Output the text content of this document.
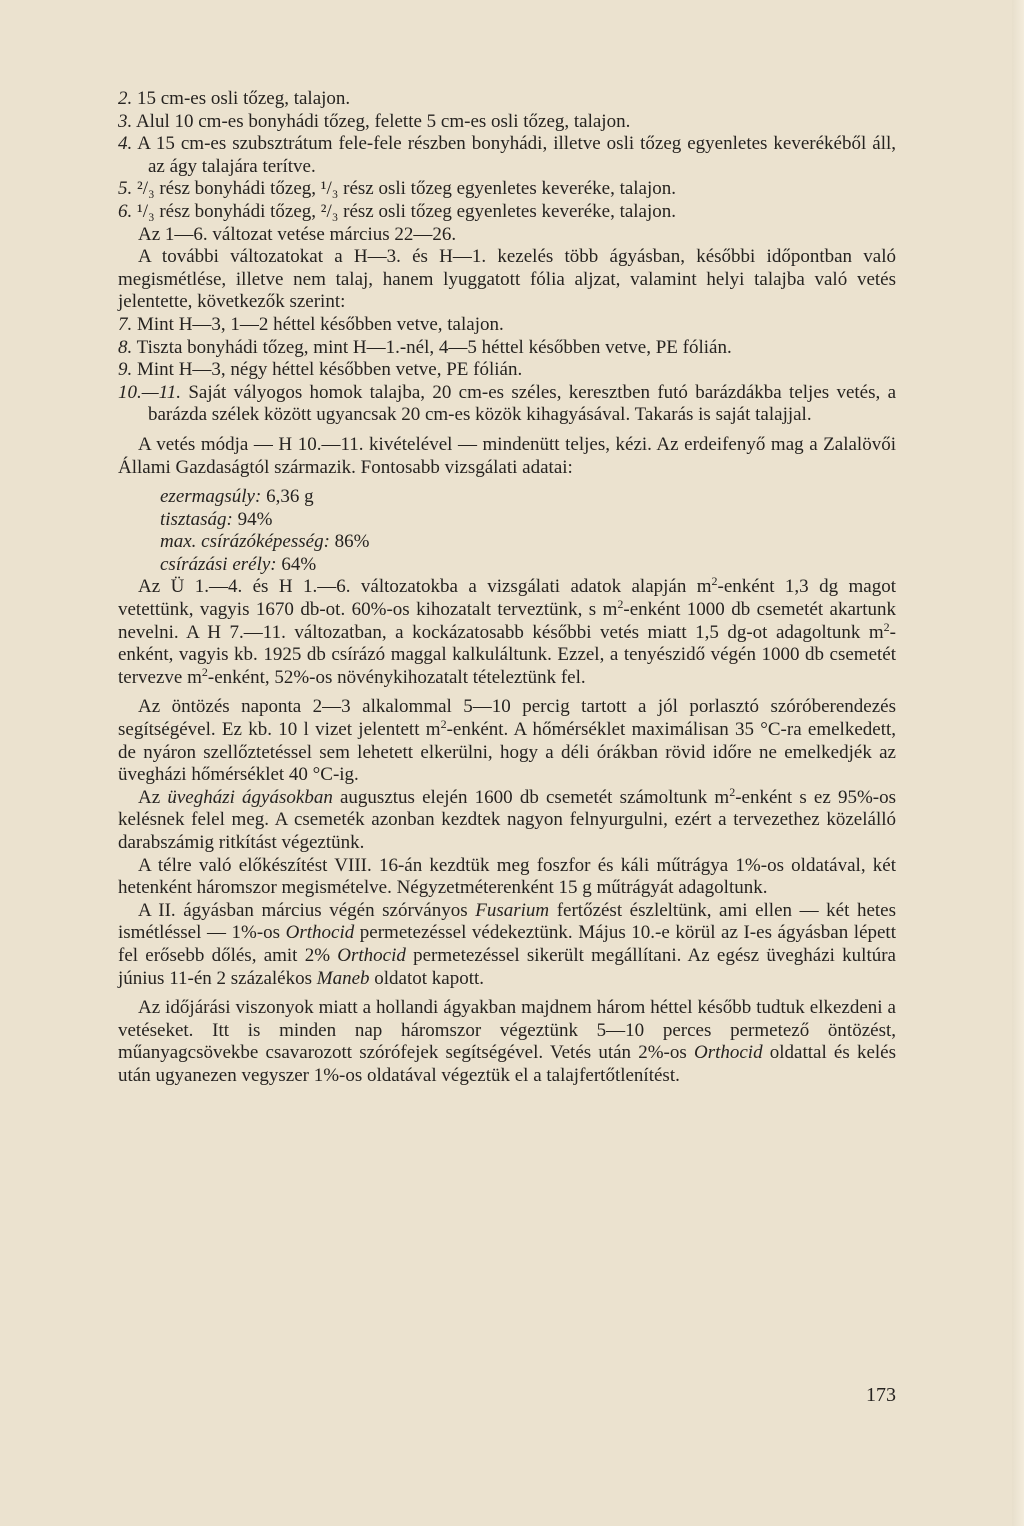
2. 15 cm-es osli tőzeg, talajon.
3. Alul 10 cm-es bonyhádi tőzeg, felette 5 cm-es osli tőzeg, talajon.
4. A 15 cm-es szubsztrátum fele-fele részben bonyhádi, illetve osli tőzeg egyenletes keverékéből áll, az ágy talajára terítve.
5. ²/₃ rész bonyhádi tőzeg, ¹/₃ rész osli tőzeg egyenletes keveréke, talajon.
6. ¹/₃ rész bonyhádi tőzeg, ²/₃ rész osli tőzeg egyenletes keveréke, talajon.
Az 1—6. változat vetése március 22—26.
A további változatokat a H—3. és H—1. kezelés több ágyásban, későbbi időpontban való megismétlése, illetve nem talaj, hanem lyuggatott fólia aljzat, valamint helyi talajba való vetés jelentette, következők szerint:
7. Mint H—3, 1—2 héttel későbben vetve, talajon.
8. Tiszta bonyhádi tőzeg, mint H—1.-nél, 4—5 héttel későbben vetve, PE fólián.
9. Mint H—3, négy héttel későbben vetve, PE fólián.
10.—11. Saját vályogos homok talajba, 20 cm-es széles, keresztben futó barázdákba teljes vetés, a barázda szélek között ugyancsak 20 cm-es közök kihagyásával. Takarás is saját talajjal.
A vetés módja — H 10.—11. kivételével — mindenütt teljes, kézi. Az erdeifenyő mag a Zalalövői Állami Gazdaságtól származik. Fontosabb vizsgálati adatai:
ezermagsúly: 6,36 g
tisztaság: 94%
max. csírázóképesség: 86%
csírázási erély: 64%
Az Ü 1.—4. és H 1.—6. változatokba a vizsgálati adatok alapján $m^2$-enként 1,3 dg magot vetettünk, vagyis 1670 db-ot. 60%-os kihozatalt terveztünk, s $m^2$-enként 1000 db csemetét akartunk nevelni. A H 7.—11. változatban, a kockázatosabb későbbi vetés miatt 1,5 dg-ot adagoltunk $m^2$-enként, vagyis kb. 1925 db csírázó maggal kalkuláltunk. Ezzel, a tenyészidő végén 1000 db csemetét tervezve $m^2$-enként, 52%-os növénykihozatalt tételeztünk fel.
Az öntözés naponta 2—3 alkalommal 5—10 percig tartott a jól porlasztó szóróberendezés segítségével. Ez kb. 10 l vizet jelentett $m^2$-enként. A hőmérséklet maximálisan 35 °C-ra emelkedett, de nyáron szellőztetéssel sem lehetett elkerülni, hogy a déli órákban rövid időre ne emelkedjék az üvegházi hőmérséklet 40 °C-ig.
Az üvegházi ágyásokban augusztus elején 1600 db csemetét számoltunk $m^2$-enként s ez 95%-os kelésnek felel meg. A csemeték azonban kezdtek nagyon felnyurgulni, ezért a tervezethez közelálló darabszámig ritkítást végeztünk.
A télre való előkészítést VIII. 16-án kezdtük meg foszfor és káli műtrágya 1%-os oldatával, két hetenként háromszor megismételve. Négyzetméterenként 15 g műtrágyát adagoltunk.
A II. ágyásban március végén szórványos Fusarium fertőzést észleltünk, ami ellen — két hetes ismétléssel — 1%-os Orthocid permetezéssel védekeztünk. Május 10.-e körül az I-es ágyásban lépett fel erősebb dőlés, amit 2% Orthocid permetezéssel sikerült megállítani. Az egész üvegházi kultúra június 11-én 2 százalékos Maneb oldatot kapott.
Az időjárási viszonyok miatt a hollandi ágyakban majdnem három héttel később tudtuk elkezdeni a vetéseket. Itt is minden nap háromszor végeztünk 5—10 perces permetező öntözést, műanyagcsövekbe csavarozott szórófejek segítségével. Vetés után 2%-os Orthocid oldattal és kelés után ugyanezen vegyszer 1%-os oldatával végeztük el a talajfertőtlenítést.
173
